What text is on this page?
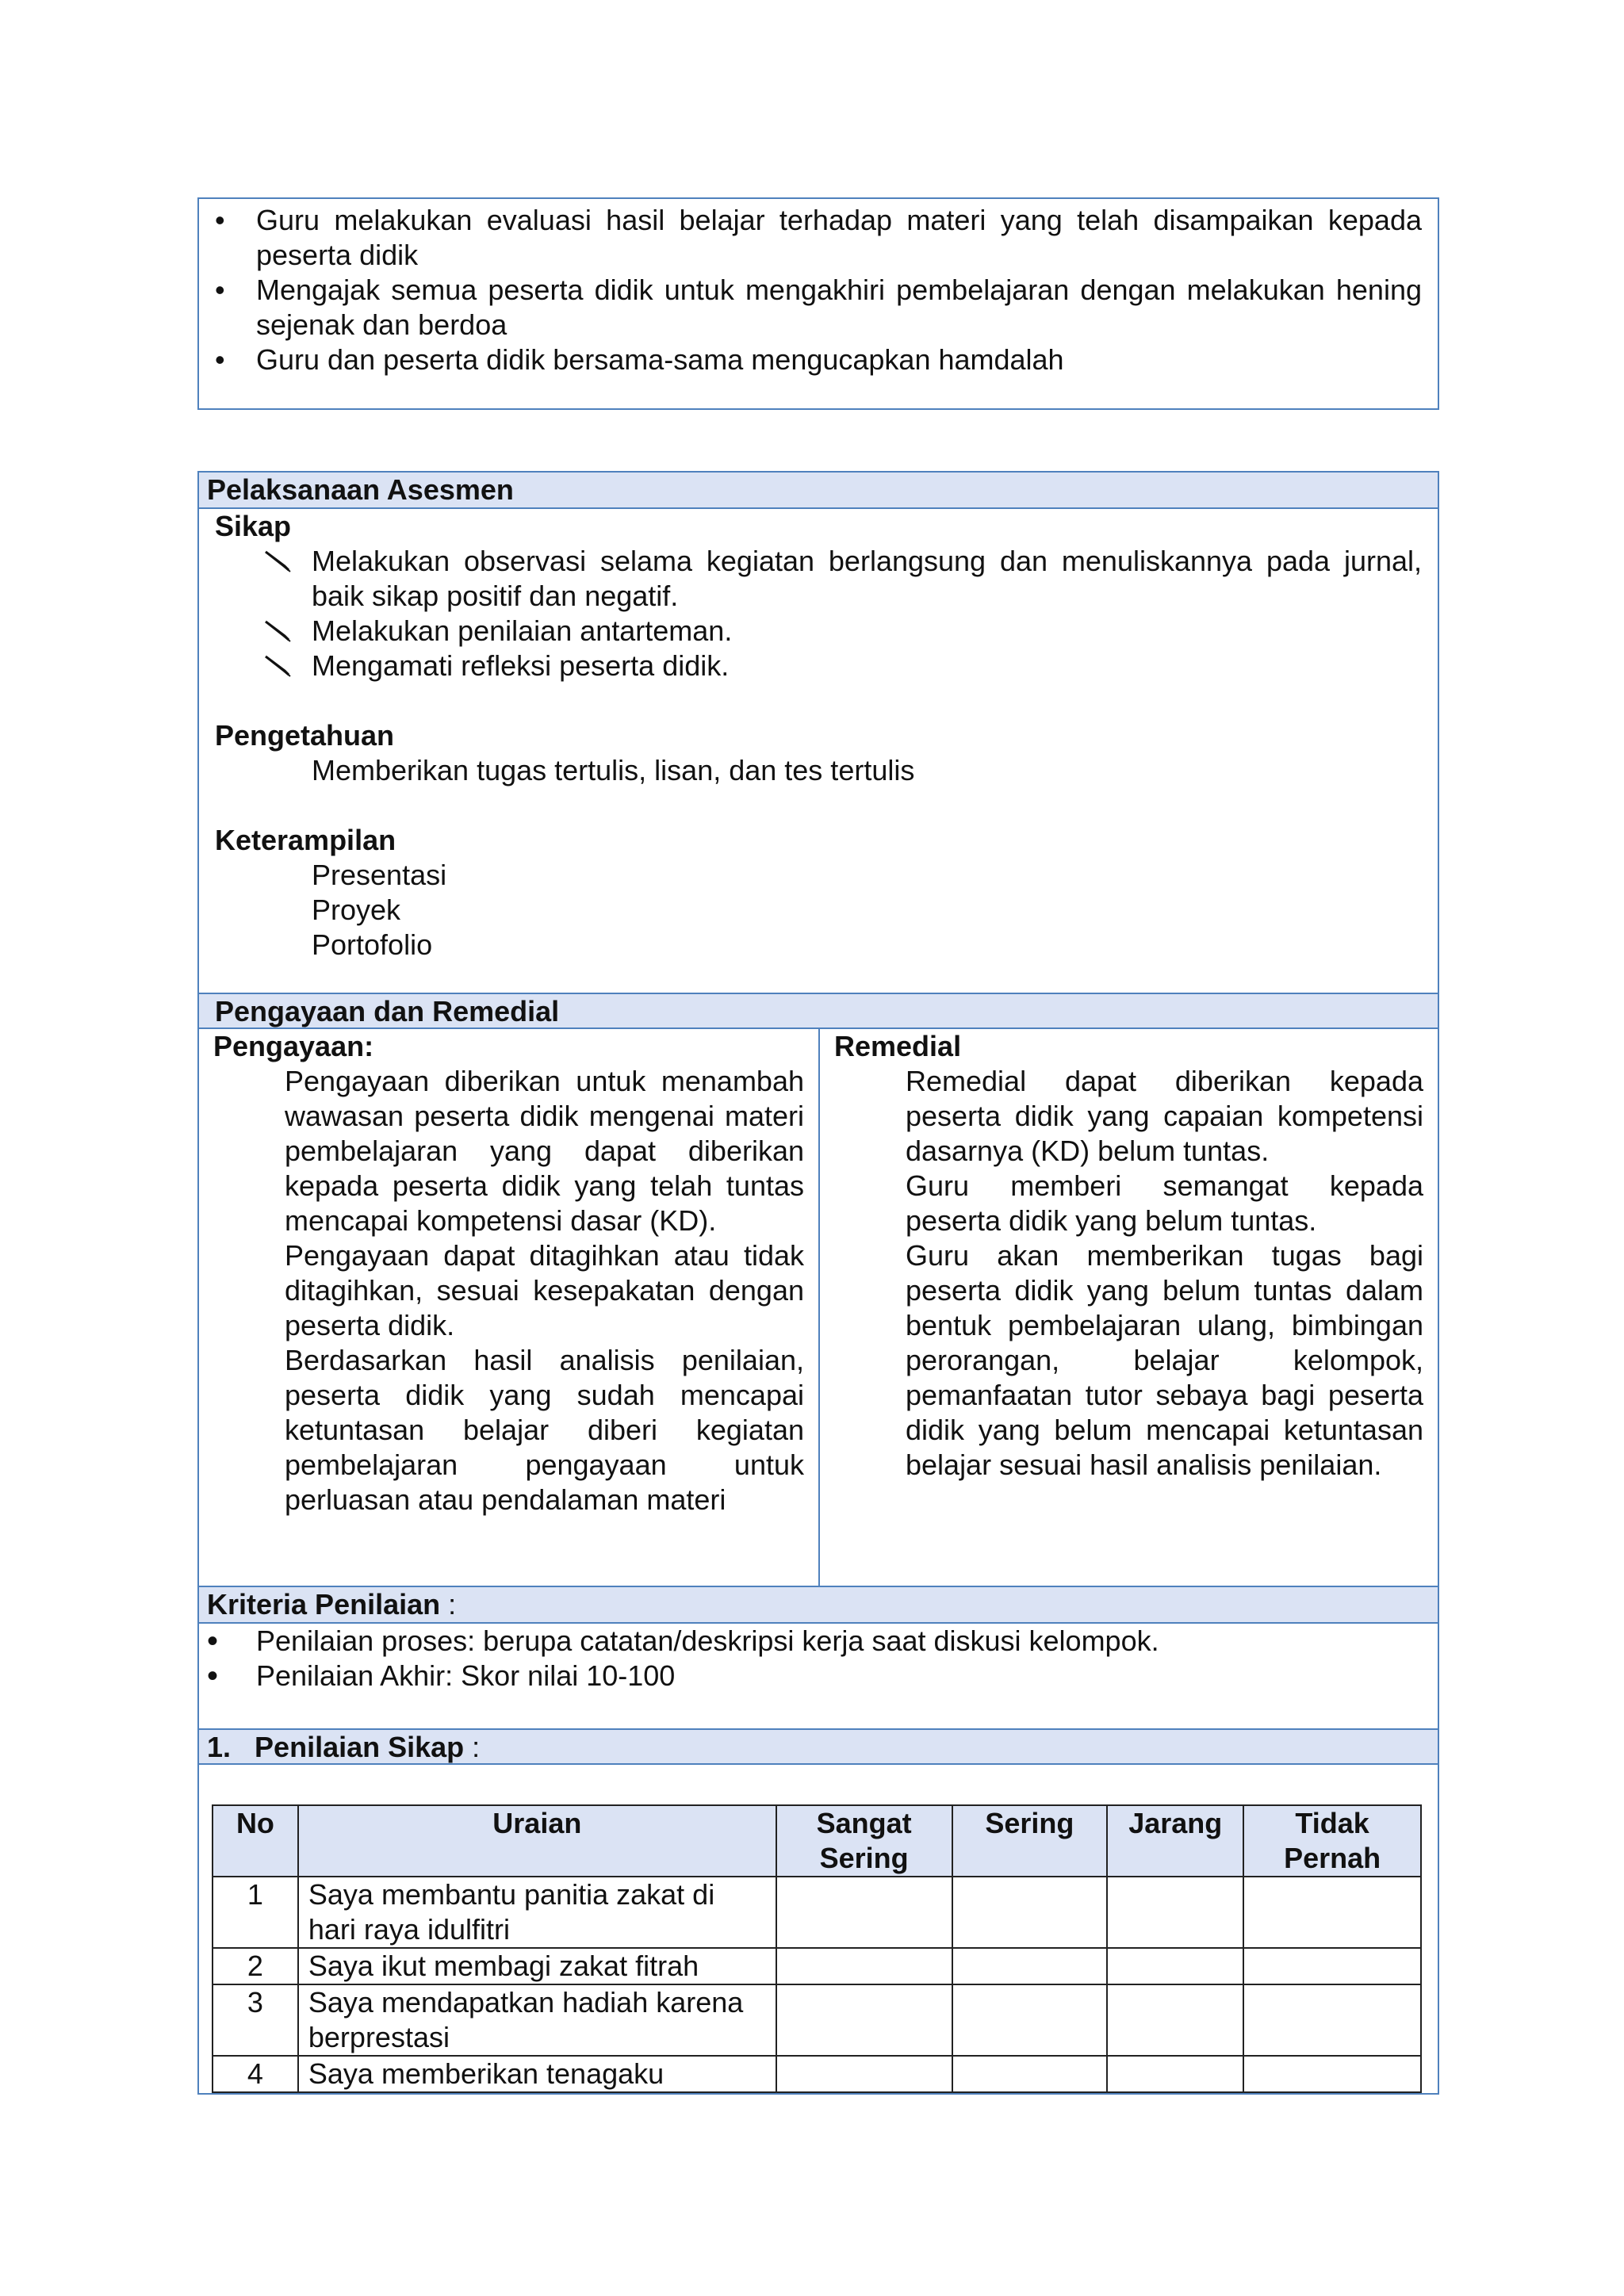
• Guru melakukan evaluasi hasil belajar terhadap materi yang telah disampaikan kepada peserta didik
• Mengajak semua peserta didik untuk mengakhiri pembelajaran dengan melakukan hening sejenak dan berdoa
• Guru dan peserta didik bersama-sama mengucapkan hamdalah
Pelaksanaan Asesmen
Sikap
Melakukan observasi selama kegiatan berlangsung dan menuliskannya pada jurnal, baik sikap positif dan negatif.
Melakukan penilaian antarteman.
Mengamati refleksi peserta didik.
Pengetahuan
Memberikan tugas tertulis, lisan, dan tes tertulis
Keterampilan
Presentasi
Proyek
Portofolio
Pengayaan dan Remedial
Pengayaan:
Pengayaan diberikan untuk menambah wawasan peserta didik mengenai materi pembelajaran yang dapat diberikan kepada peserta didik yang telah tuntas mencapai kompetensi dasar (KD).
Pengayaan dapat ditagihkan atau tidak ditagihkan, sesuai kesepakatan dengan peserta didik.
Berdasarkan hasil analisis penilaian, peserta didik yang sudah mencapai ketuntasan belajar diberi kegiatan pembelajaran pengayaan untuk perluasan atau pendalaman materi
Remedial
Remedial dapat diberikan kepada peserta didik yang capaian kompetensi dasarnya (KD) belum tuntas.
Guru memberi semangat kepada peserta didik yang belum tuntas.
Guru akan memberikan tugas bagi peserta didik yang belum tuntas dalam bentuk pembelajaran ulang, bimbingan perorangan, belajar kelompok, pemanfaatan tutor sebaya bagi peserta didik yang belum mencapai ketuntasan belajar sesuai hasil analisis penilaian.
Kriteria Penilaian :
• Penilaian proses: berupa catatan/deskripsi kerja saat diskusi kelompok.
• Penilaian Akhir: Skor nilai 10-100
1. Penilaian Sikap :
No	Uraian	Sangat Sering	Sering	Jarang	Tidak Pernah
1	Saya membantu panitia zakat di hari raya idulfitri				
2	Saya ikut membagi zakat fitrah				
3	Saya mendapatkan hadiah karena berprestasi				
4	Saya memberikan tenagaku				
